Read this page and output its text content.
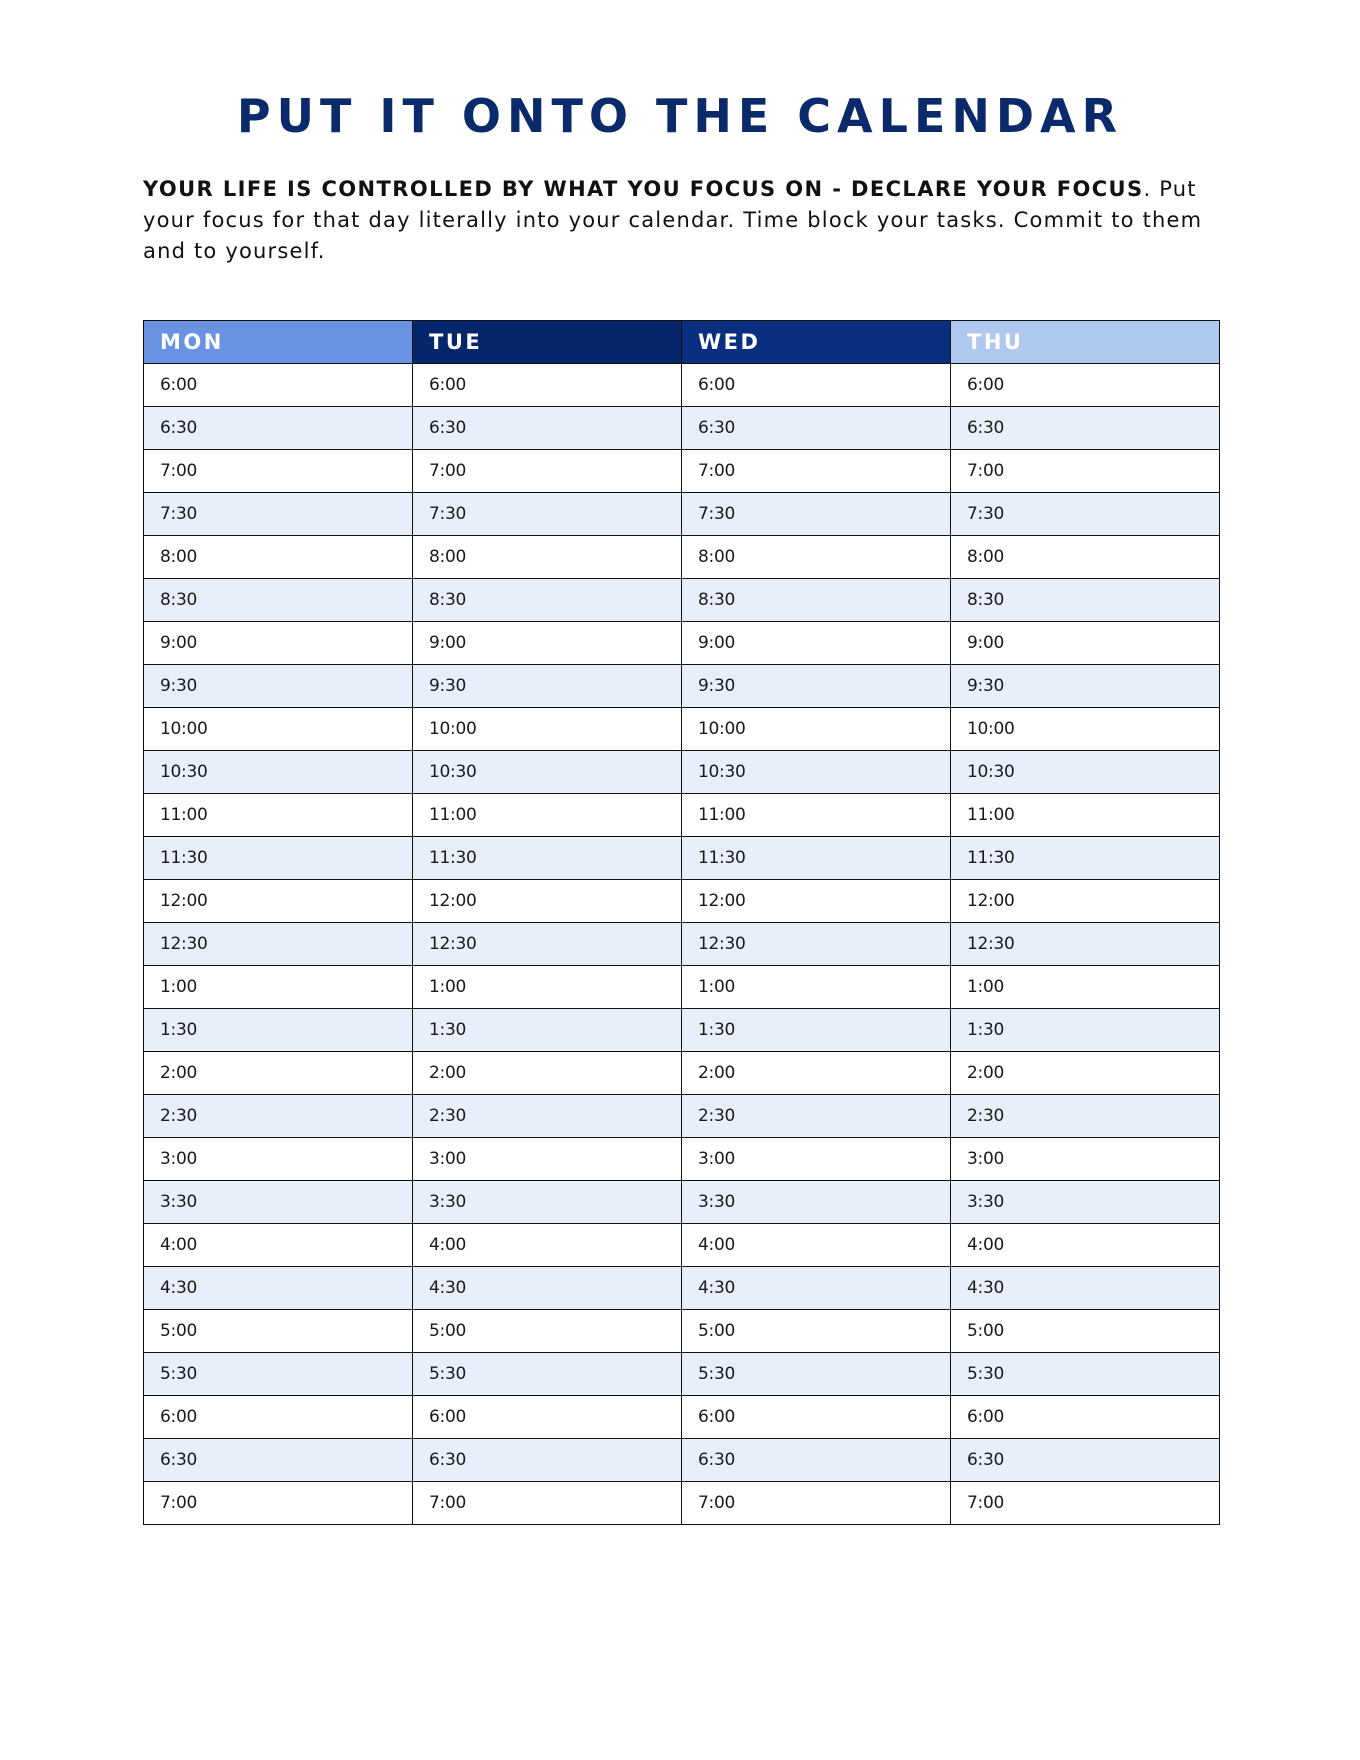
PUT IT ONTO THE CALENDAR

YOUR LIFE IS CONTROLLED BY WHAT YOU FOCUS ON - DECLARE YOUR FOCUS. Put your focus for that day literally into your calendar. Time block your tasks. Commit to them and to yourself.

MON	TUE	WED	THU
6:00	6:00	6:00	6:00
6:30	6:30	6:30	6:30
7:00	7:00	7:00	7:00
7:30	7:30	7:30	7:30
8:00	8:00	8:00	8:00
8:30	8:30	8:30	8:30
9:00	9:00	9:00	9:00
9:30	9:30	9:30	9:30
10:00	10:00	10:00	10:00
10:30	10:30	10:30	10:30
11:00	11:00	11:00	11:00
11:30	11:30	11:30	11:30
12:00	12:00	12:00	12:00
12:30	12:30	12:30	12:30
1:00	1:00	1:00	1:00
1:30	1:30	1:30	1:30
2:00	2:00	2:00	2:00
2:30	2:30	2:30	2:30
3:00	3:00	3:00	3:00
3:30	3:30	3:30	3:30
4:00	4:00	4:00	4:00
4:30	4:30	4:30	4:30
5:00	5:00	5:00	5:00
5:30	5:30	5:30	5:30
6:00	6:00	6:00	6:00
6:30	6:30	6:30	6:30
7:00	7:00	7:00	7:00
